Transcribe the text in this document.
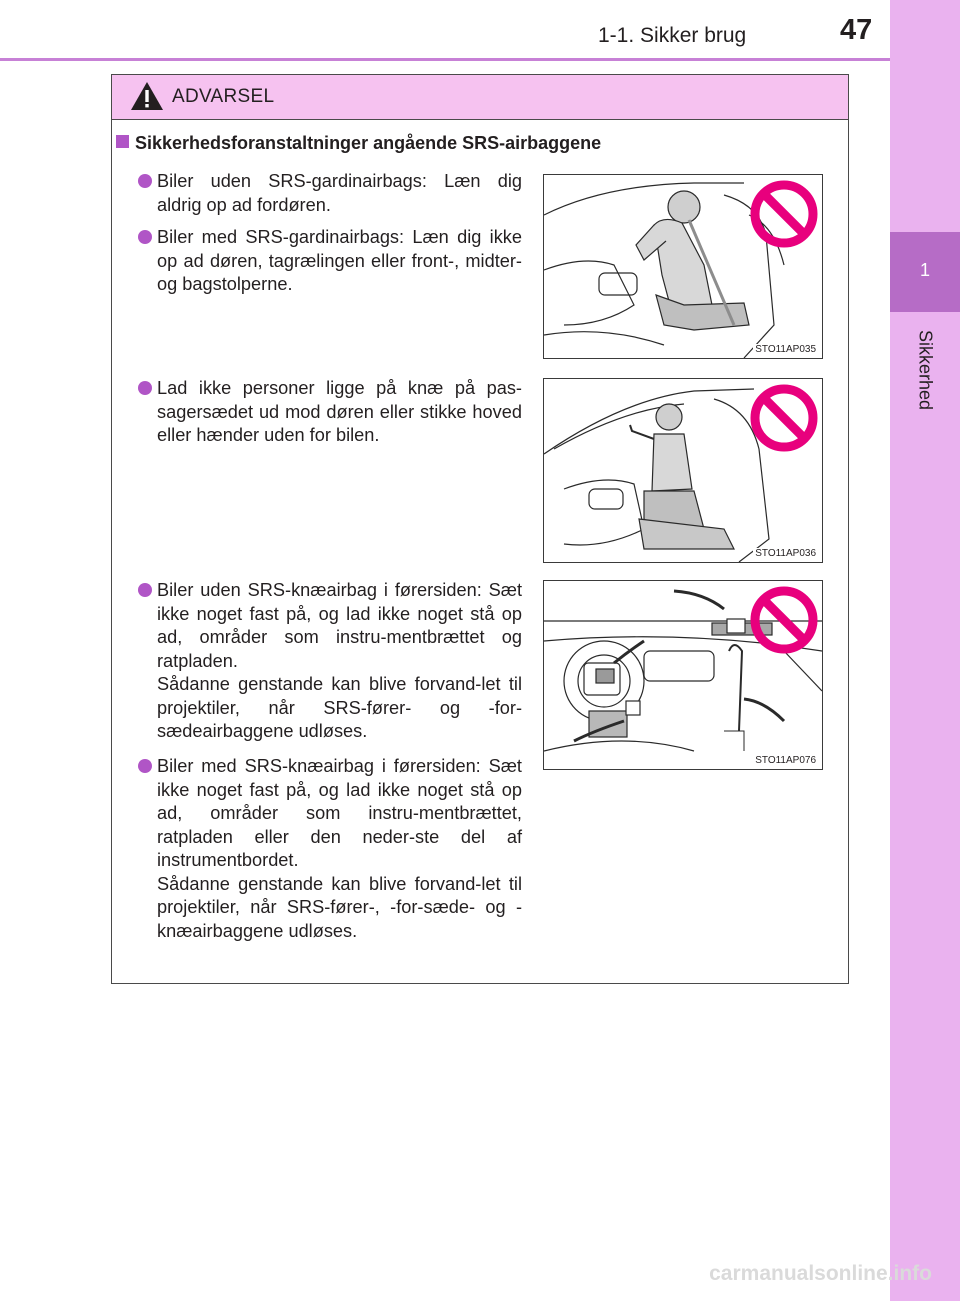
1-1. Sikker brug	47
1
Sikkerhed
ADVARSEL
Sikkerhedsforanstaltninger angående SRS-airbaggene
Biler uden SRS-gardinairbags: Læn dig aldrig op ad fordøren.
Biler med SRS-gardinairbags: Læn dig ikke op ad døren, tagrælingen eller front-, midter- og bagstolperne.
Lad ikke personer ligge på knæ på pas-sagersædet ud mod døren eller stikke hoved eller hænder uden for bilen.
Biler uden SRS-knæairbag i førersiden: Sæt ikke noget fast på, og lad ikke noget stå op ad, områder som instru-mentbrættet og ratpladen.
Sådanne genstande kan blive forvand-let til projektiler, når SRS-fører- og -for-sædeairbaggene udløses.
Biler med SRS-knæairbag i førersiden: Sæt ikke noget fast på, og lad ikke noget stå op ad, områder som instru-mentbrættet, ratpladen eller den neder-ste del af instrumentbordet.
Sådanne genstande kan blive forvand-let til projektiler, når SRS-fører-, -for-sæde- og -knæairbaggene udløses.
STO11AP035
STO11AP036
STO11AP076
carmanualsonline.info
